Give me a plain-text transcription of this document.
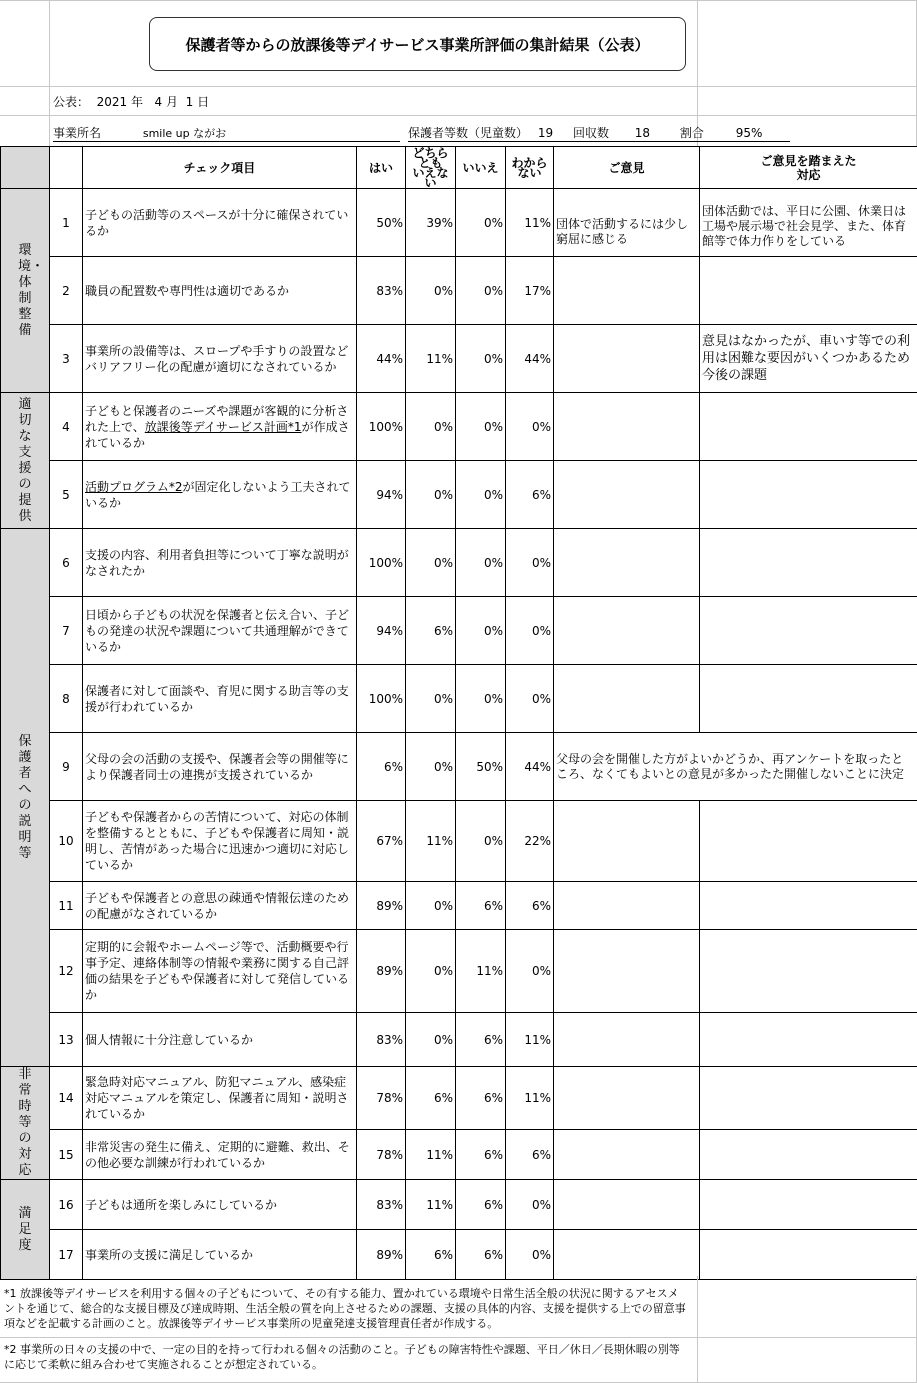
保護者等からの放課後等デイサービス事業所評価の集計結果（公表）
公表： 2021 年 4 月 1 日
事業所名	smile up ながお	保護者等数（児童数） 19 回収数 18 割合	95%
		チェック項目	はい	どちらとも
いえない	いいえ	わからない	ご意見	ご意見を踏まえた
対応
環境・体制整備	1	子どもの活動等のスペースが十分に確保されているか	50%	39%	0%	11%	団体で活動するには少し窮屈に感じる	団体活動では、平日に公園、休業日は工場や展示場で社会見学、また、体育館等で体力作りをしている
	2	職員の配置数や専門性は適切であるか	83%	0%	0%	17%		
	3	事業所の設備等は、スロープや手すりの設置などバリアフリー化の配慮が適切になされているか	44%	11%	0%	44%		意見はなかったが、車いす等での利用は困難な要因がいくつかあるため今後の課題
適切な支援の提供	4	子どもと保護者のニーズや課題が客観的に分析された上で、放課後等デイサービス計画*1が作成されているか	100%	0%	0%	0%		
	5	活動プログラム*2が固定化しないよう工夫されているか	94%	0%	0%	6%		
保護者への説明等	6	支援の内容、利用者負担等について丁寧な説明がなされたか	100%	0%	0%	0%		
	7	日頃から子どもの状況を保護者と伝え合い、子どもの発達の状況や課題について共通理解ができているか	94%	6%	0%	0%		
	8	保護者に対して面談や、育児に関する助言等の支援が行われているか	100%	0%	0%	0%		
	9	父母の会の活動の支援や、保護者会等の開催等により保護者同士の連携が支援されているか	6%	0%	50%	44%	父母の会を開催した方がよいかどうか、再アンケートを取ったところ、なくてもよいとの意見が多かったた開催しないことに決定	
	10	子どもや保護者からの苦情について、対応の体制を整備するとともに、子どもや保護者に周知・説明し、苦情があった場合に迅速かつ適切に対応しているか	67%	11%	0%	22%		
	11	子どもや保護者との意思の疎通や情報伝達のための配慮がなされているか	89%	0%	6%	6%		
	12	定期的に会報やホームページ等で、活動概要や行事予定、連絡体制等の情報や業務に関する自己評価の結果を子どもや保護者に対して発信しているか	89%	0%	11%	0%		
	13	個人情報に十分注意しているか	83%	0%	6%	11%		
非常時等の対応	14	緊急時対応マニュアル、防犯マニュアル、感染症対応マニュアルを策定し、保護者に周知・説明されているか	78%	6%	6%	11%		
	15	非常災害の発生に備え、定期的に避難、救出、その他必要な訓練が行われているか	78%	11%	6%	6%		
満足度	16	子どもは通所を楽しみにしているか	83%	11%	6%	0%		
	17	事業所の支援に満足しているか	89%	6%	6%	0%		
*1 放課後等デイサービスを利用する個々の子どもについて、その有する能力、置かれている環境や日常生活全般の状況に関するアセスメントを通じて、総合的な支援目標及び達成時期、生活全般の質を向上させるための課題、支援の具体的内容、支援を提供する上での留意事項などを記載する計画のこと。放課後等デイサービス事業所の児童発達支援管理責任者が作成する。
*2 事業所の日々の支援の中で、一定の目的を持って行われる個々の活動のこと。子どもの障害特性や課題、平日／休日／長期休暇の別等に応じて柔軟に組み合わせて実施されることが想定されている。
